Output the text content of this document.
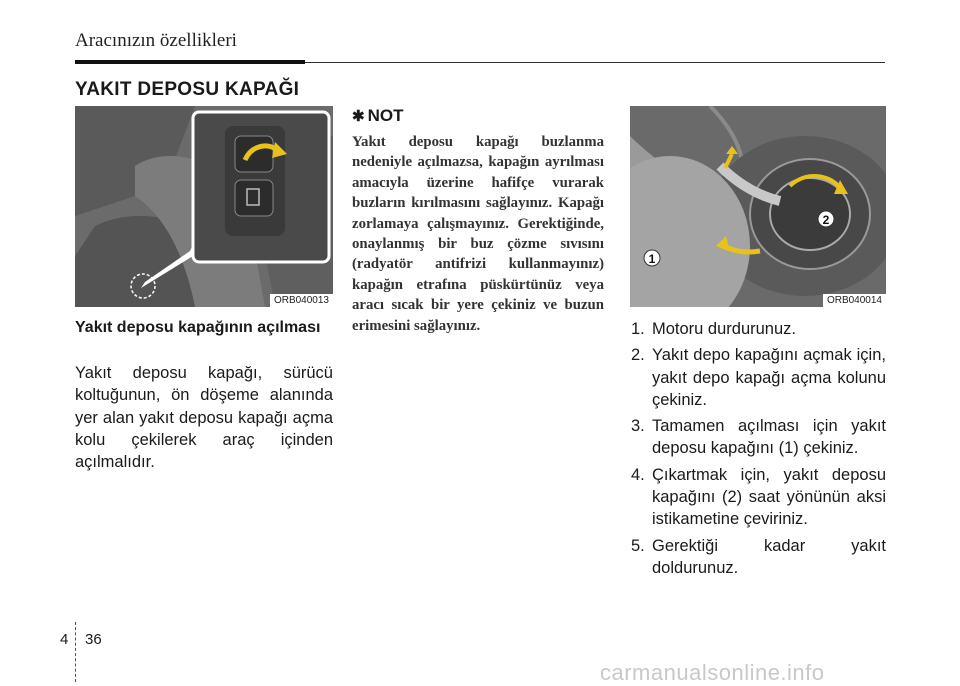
Aracınızın özellikleri
YAKIT DEPOSU KAPAĞI
ORB040013
Yakıt deposu kapağının açılması
Yakıt deposu kapağı, sürücü koltuğunun, ön döşeme alanında yer alan yakıt deposu kapağı açma kolu çekilerek araç içinden açılmalıdır.
✱ NOT
Yakıt deposu kapağı buzlanma nedeniyle açılmazsa, kapağın ayrılması amacıyla üzerine hafifçe vurarak buzların kırılmasını sağlayınız. Kapağı zorlamaya çalışmayınız. Gerektiğinde, onaylanmış bir buz çözme sıvısını (radyatör antifrizi kullanmayınız) kapağın etrafına püskürtünüz veya aracı sıcak bir yere çekiniz ve buzun erimesini sağlayınız.
1
2
ORB040014
1. Motoru durdurunuz.
2. Yakıt depo kapağını açmak için, yakıt depo kapağı açma kolunu çekiniz.
3. Tamamen açılması için yakıt deposu kapağını (1) çekiniz.
4. Çıkartmak için, yakıt deposu kapağını (2) saat yönünün aksi istikametine çeviriniz.
5. Gerektiği kadar yakıt doldurunuz.
4 36
carmanualsonline.info
